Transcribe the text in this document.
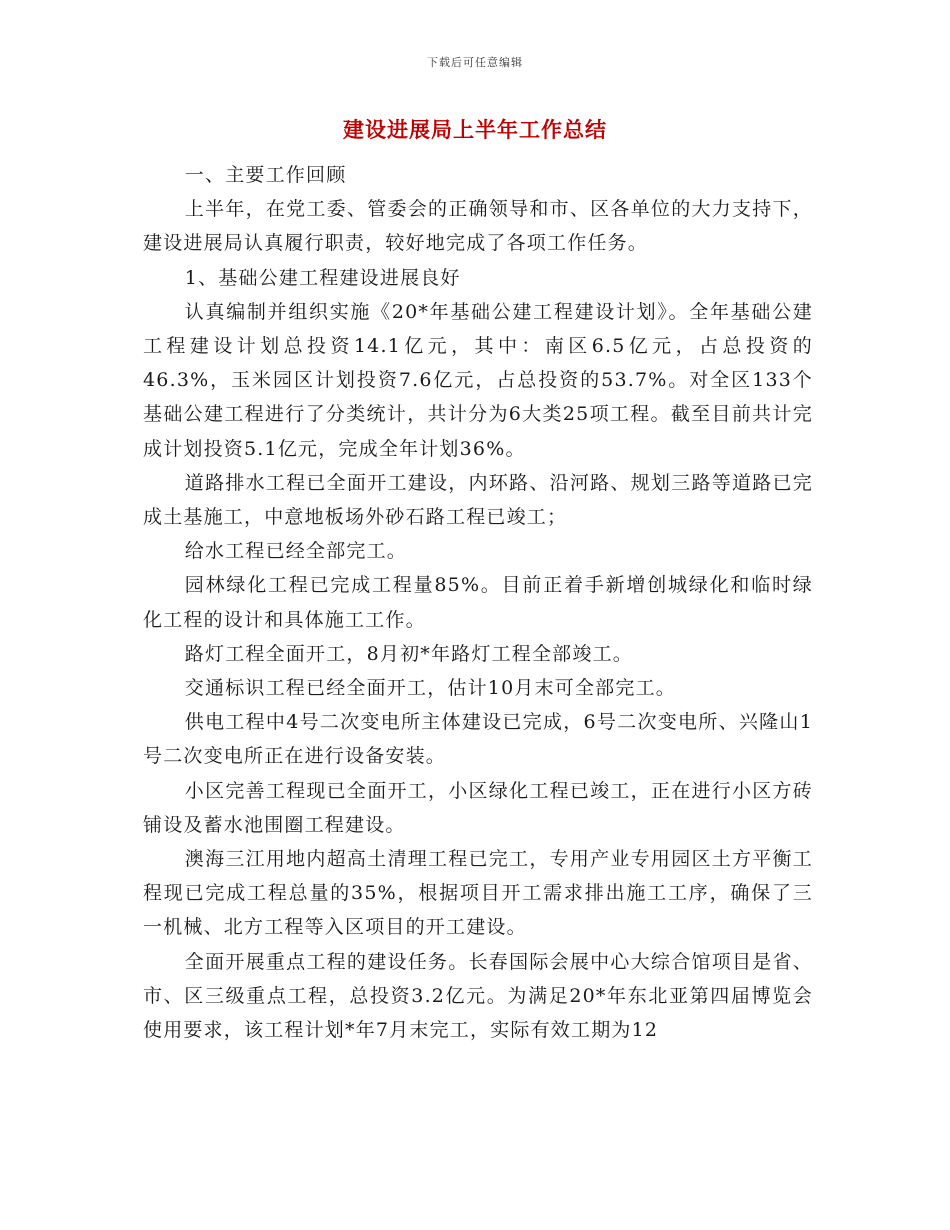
下载后可任意编辑
建设进展局上半年工作总结

一、主要工作回顾

上半年，在党工委、管委会的正确领导和市、区各单位的大力支持下，建设进展局认真履行职责，较好地完成了各项工作任务。

1、基础公建工程建设进展良好

认真编制并组织实施《20*年基础公建工程建设计划》。全年基础公建工程建设计划总投资14.1亿元，其中：南区6.5亿元，占总投资的46.3%，玉米园区计划投资7.6亿元，占总投资的53.7%。对全区133个基础公建工程进行了分类统计，共计分为6大类25项工程。截至目前共计完成计划投资5.1亿元，完成全年计划36%。

道路排水工程已全面开工建设，内环路、沿河路、规划三路等道路已完成土基施工，中意地板场外砂石路工程已竣工；

给水工程已经全部完工。

园林绿化工程已完成工程量85%。目前正着手新增创城绿化和临时绿化工程的设计和具体施工工作。

路灯工程全面开工，8月初*年路灯工程全部竣工。

交通标识工程已经全面开工，估计10月末可全部完工。

供电工程中4号二次变电所主体建设已完成，6号二次变电所、兴隆山1号二次变电所正在进行设备安装。

小区完善工程现已全面开工，小区绿化工程已竣工，正在进行小区方砖铺设及蓄水池围圈工程建设。

澳海三江用地内超高土清理工程已完工，专用产业专用园区土方平衡工程现已完成工程总量的35%，根据项目开工需求排出施工工序，确保了三一机械、北方工程等入区项目的开工建设。

全面开展重点工程的建设任务。长春国际会展中心大综合馆项目是省、市、区三级重点工程，总投资3.2亿元。为满足20*年东北亚第四届博览会使用要求，该工程计划*年7月末完工，实际有效工期为12
